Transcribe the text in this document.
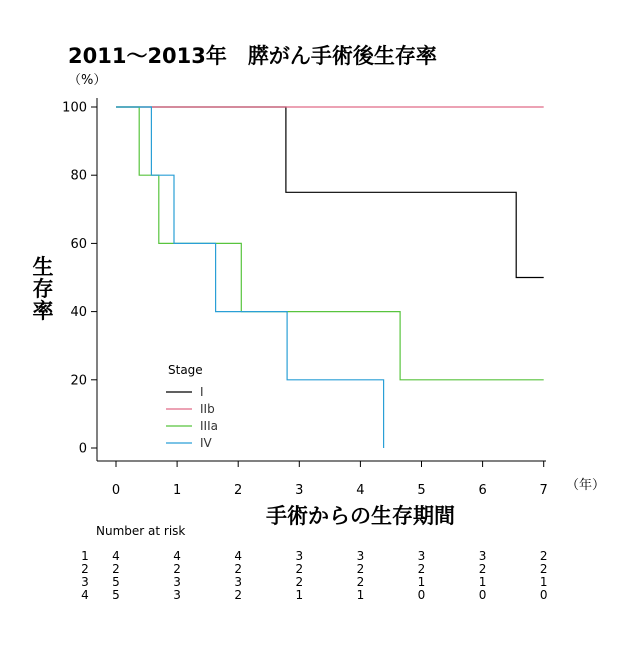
2011～2013年　膵がん手術後生存率
（%）
生存率
（年）
手術からの生存期間
0
20
40
60
80
100
0	1	2	3	4	5	6	7
Stage
I
IIb
IIIa
IV
Number at risk
1 4	4	4	3	3	3	3	2
2 2	2	2	2	2	2	2	2
3 5	3	3	2	2	1	1	1
4 5	3	2	1	1	0	0	0
